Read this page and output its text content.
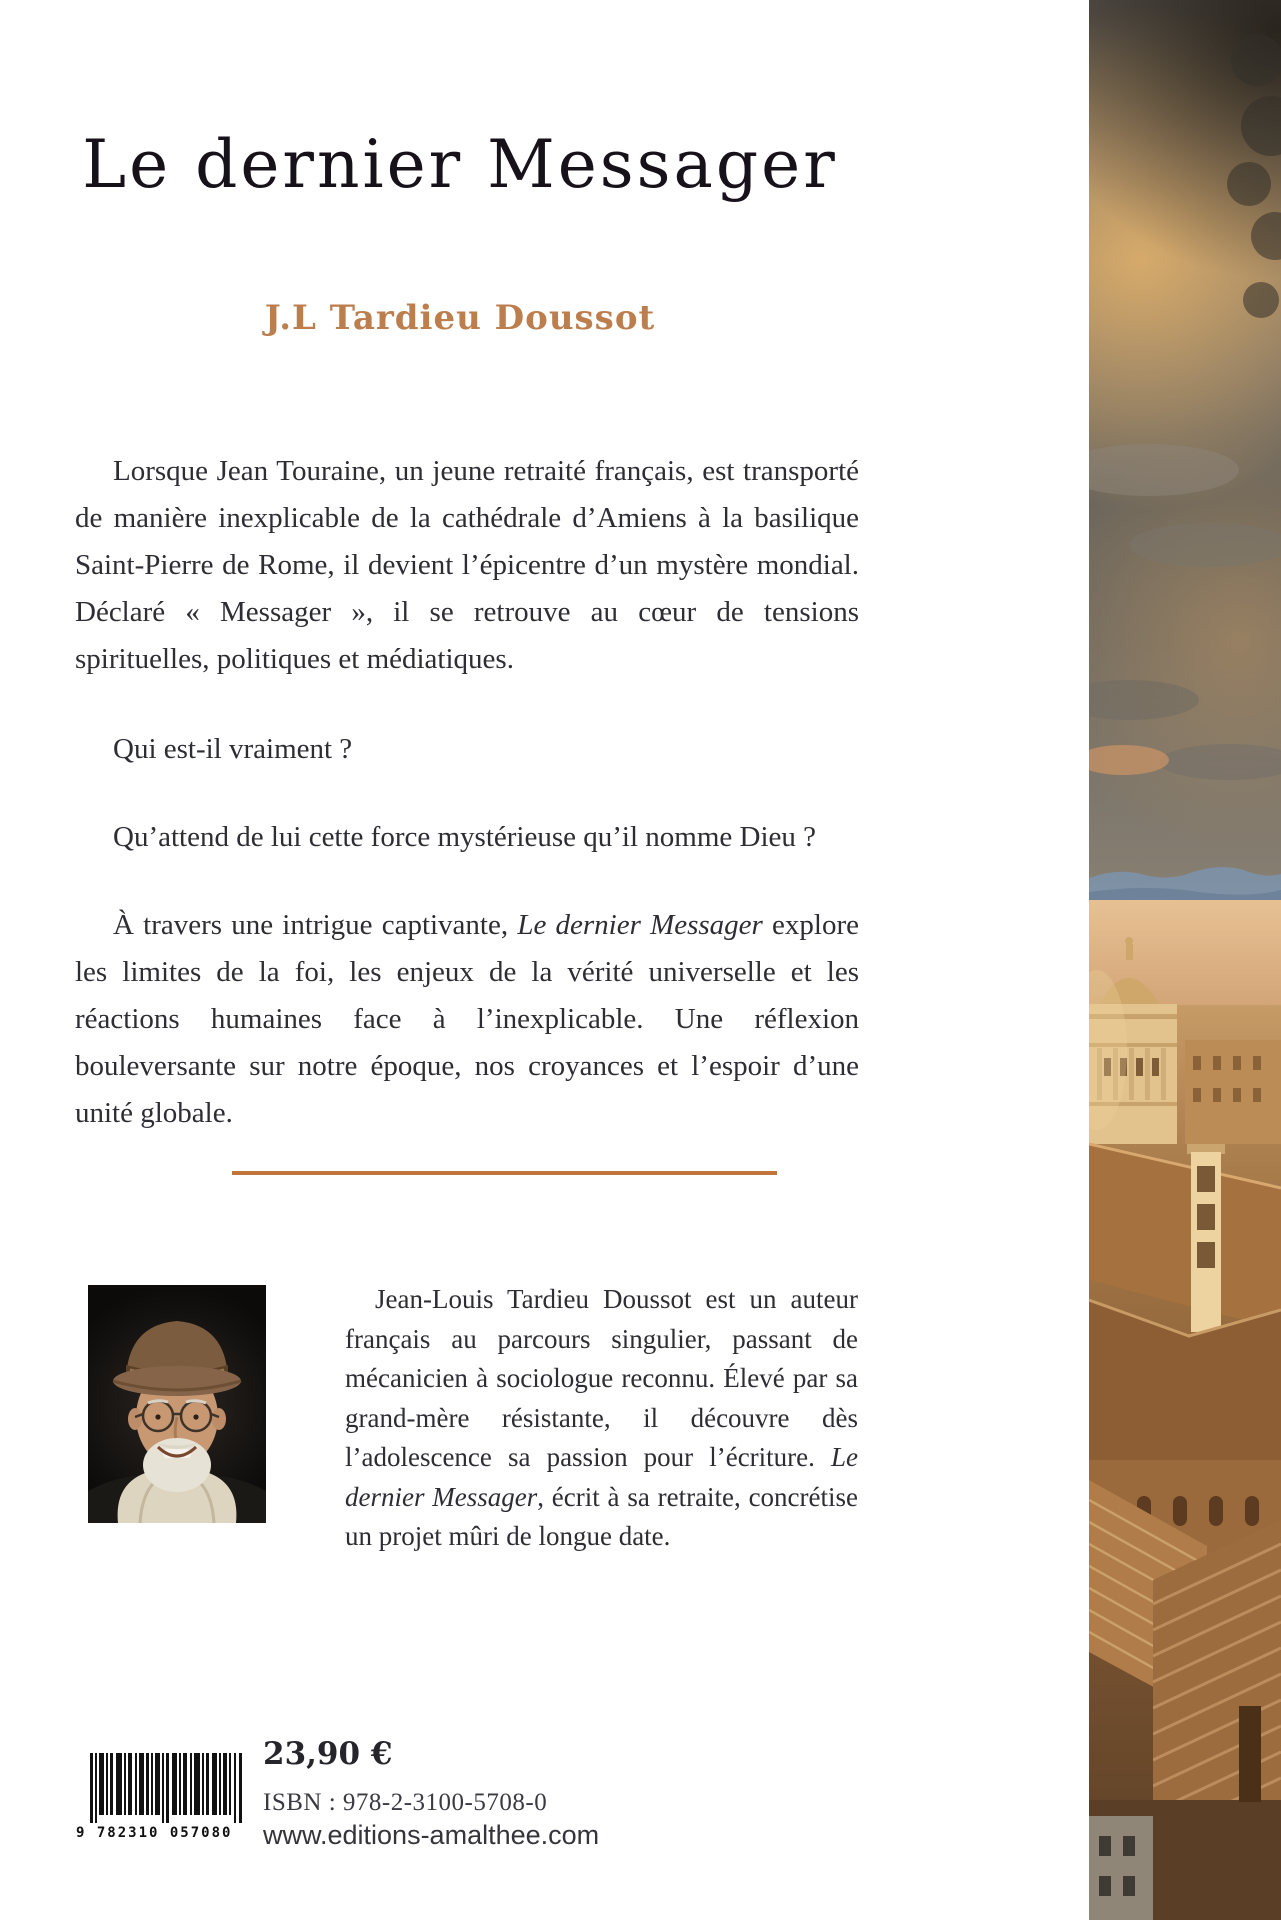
Le dernier Messager
J.L Tardieu Doussot

Lorsque Jean Touraine, un jeune retraité français, est transporté de manière inexplicable de la cathédrale d’Amiens à la basilique Saint-Pierre de Rome, il devient l’épicentre d’un mystère mondial. Déclaré « Messager », il se retrouve au cœur de tensions spirituelles, politiques et médiatiques.

Qui est-il vraiment ?

Qu’attend de lui cette force mystérieuse qu’il nomme Dieu ?

À travers une intrigue captivante, Le dernier Messager explore les limites de la foi, les enjeux de la vérité universelle et les réactions humaines face à l’inexplicable. Une réflexion bouleversante sur notre époque, nos croyances et l’espoir d’une unité globale.

Jean-Louis Tardieu Doussot est un auteur français au parcours singulier, passant de mécanicien à sociologue reconnu. Élevé par sa grand-mère résistante, il découvre dès l’adolescence sa passion pour l’écriture. Le dernier Messager, écrit à sa retraite, concrétise un projet mûri de longue date.

9 782310 057080
23,90 €
ISBN : 978-2-3100-5708-0
www.editions-amalthee.com
